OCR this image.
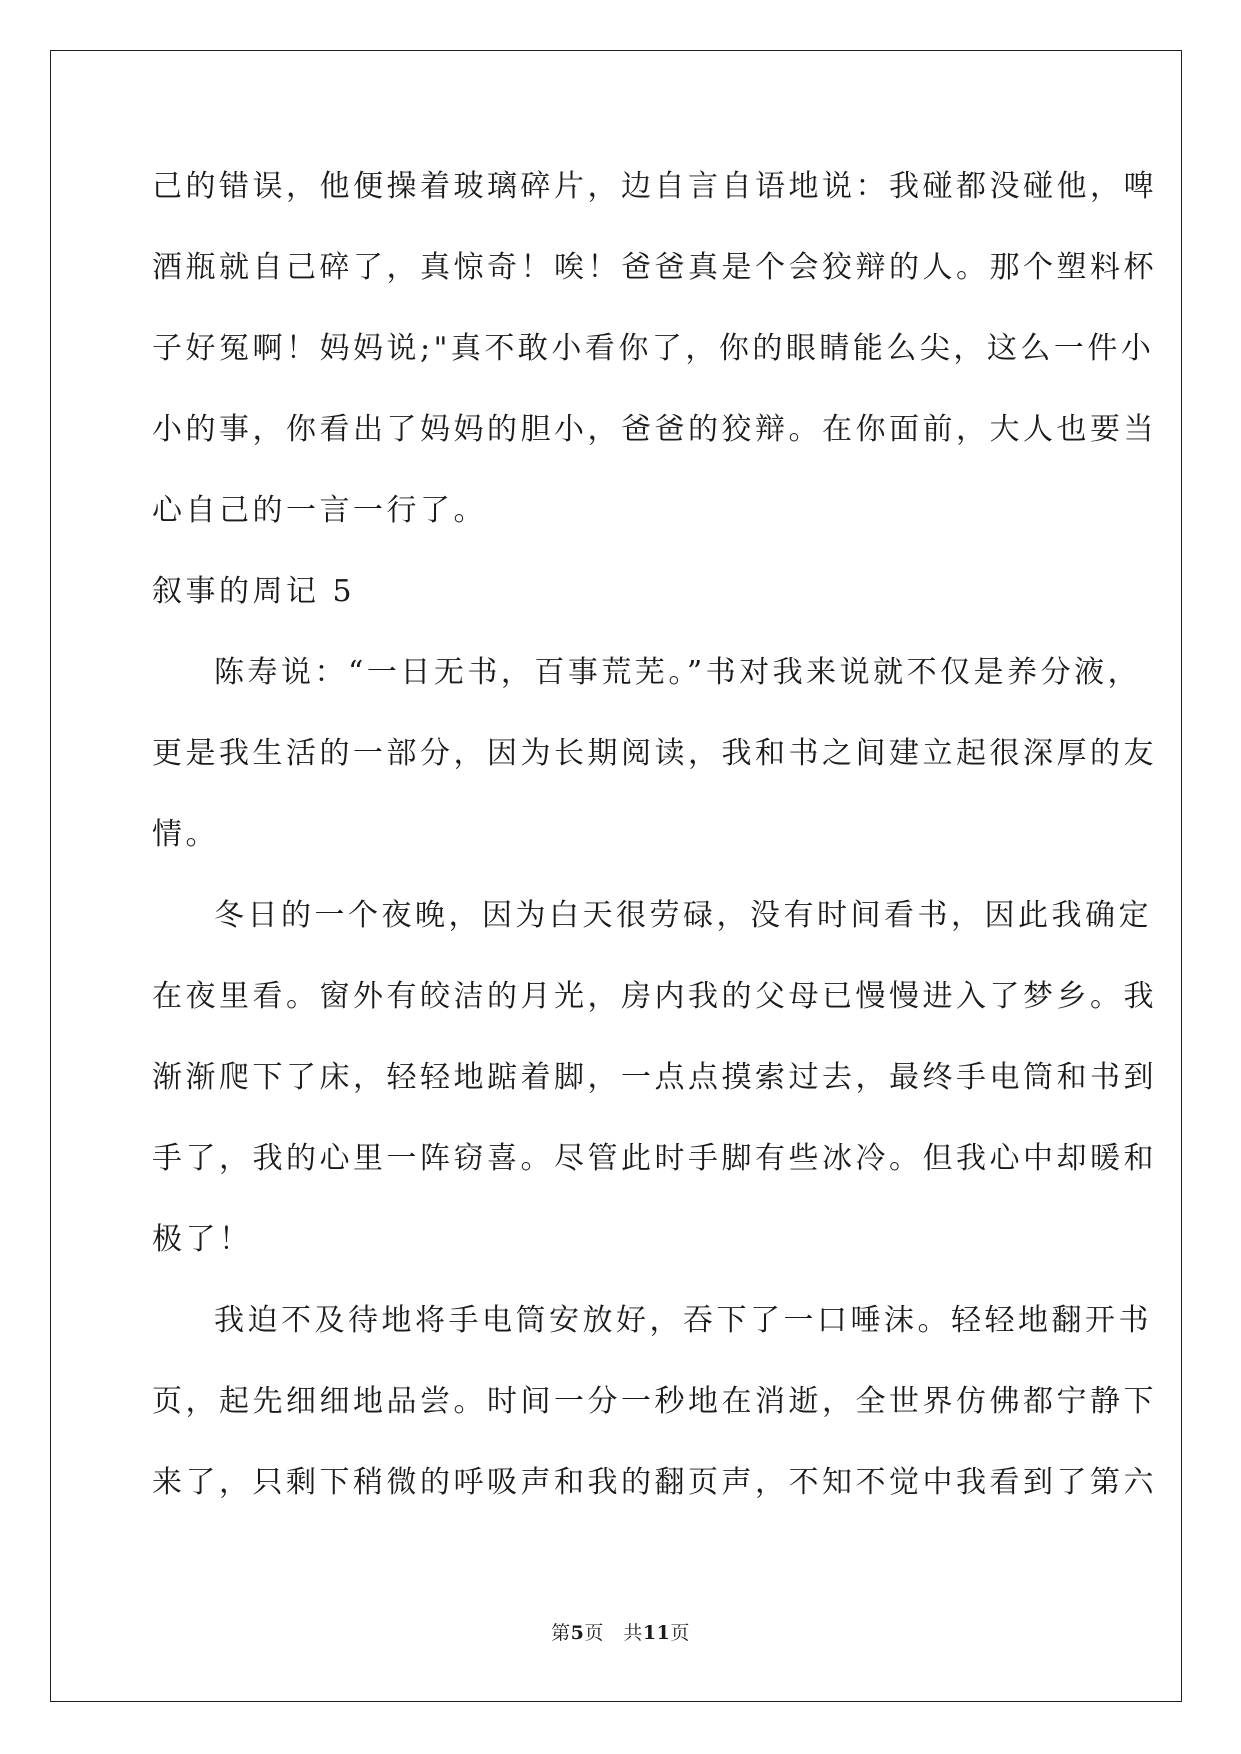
己的错误，他便操着玻璃碎片，边自言自语地说：我碰都没碰他，啤
酒瓶就自己碎了，真惊奇！唉！爸爸真是个会狡辩的人。那个塑料杯
子好冤啊！妈妈说;"真不敢小看你了，你的眼睛能么尖，这么一件小
小的事，你看出了妈妈的胆小，爸爸的狡辩。在你面前，大人也要当
心自己的一言一行了。
叙事的周记 5
陈寿说：“一日无书，百事荒芜。”书对我来说就不仅是养分液，
更是我生活的一部分，因为长期阅读，我和书之间建立起很深厚的友
情。
冬日的一个夜晚，因为白天很劳碌，没有时间看书，因此我确定
在夜里看。窗外有皎洁的月光，房内我的父母已慢慢进入了梦乡。我
渐渐爬下了床，轻轻地踮着脚，一点点摸索过去，最终手电筒和书到
手了，我的心里一阵窃喜。尽管此时手脚有些冰冷。但我心中却暖和
极了！
我迫不及待地将手电筒安放好，吞下了一口唾沫。轻轻地翻开书
页，起先细细地品尝。时间一分一秒地在消逝，全世界仿佛都宁静下
来了，只剩下稍微的呼吸声和我的翻页声，不知不觉中我看到了第六
第5页　共11页
